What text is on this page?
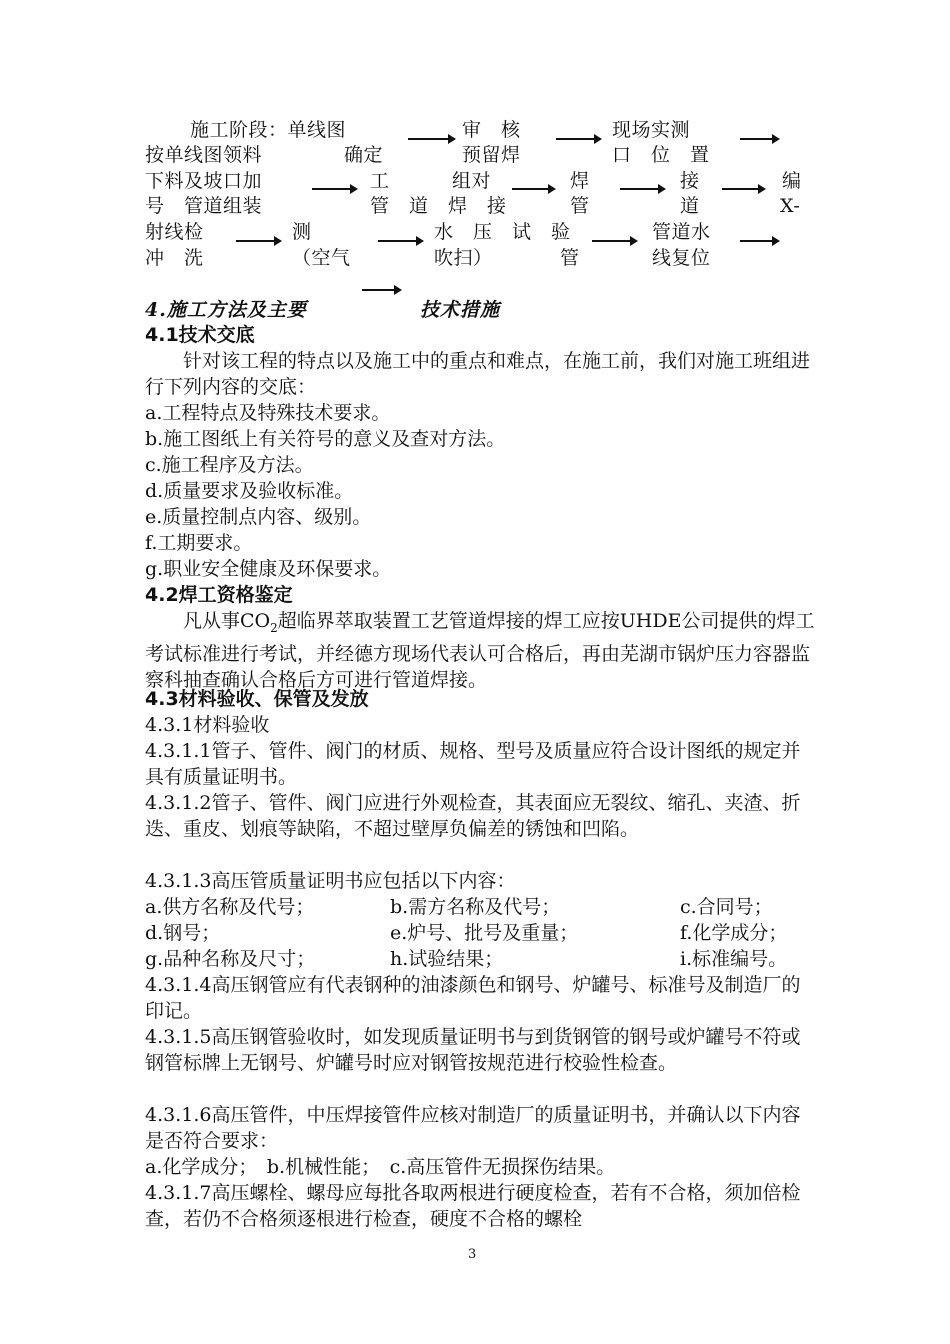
施工阶段：单线图	审　核	现场实测
按单线图领料	确定	预留焊	口　位　置
下料及坡口加	工	组对	焊	接	编
号　管道组装	管　道　焊　接	管	道	X-
射线检	测	水　压　试　验	管道水
冲　洗	（空气	吹扫）	管	线复位
4.施工方法及主要	技术措施
4.1技术交底
针对该工程的特点以及施工中的重点和难点，在施工前，我们对施工班组进行下列内容的交底：
a.工程特点及特殊技术要求。
b.施工图纸上有关符号的意义及查对方法。
c.施工程序及方法。
d.质量要求及验收标准。
e.质量控制点内容、级别。
f.工期要求。
g.职业安全健康及环保要求。
4.2焊工资格鉴定
凡从事$CO_2$超临界萃取装置工艺管道焊接的焊工应按UHDE公司提供的焊工考试标准进行考试，并经德方现场代表认可合格后，再由芜湖市锅炉压力容器监察科抽查确认合格后方可进行管道焊接。
4.3材料验收、保管及发放
4.3.1材料验收
4.3.1.1管子、管件、阀门的材质、规格、型号及质量应符合设计图纸的规定并具有质量证明书。
4.3.1.2管子、管件、阀门应进行外观检查，其表面应无裂纹、缩孔、夹渣、折迭、重皮、划痕等缺陷，不超过壁厚负偏差的锈蚀和凹陷。
4.3.1.3高压管质量证明书应包括以下内容：
a.供方名称及代号；	b.需方名称及代号；	c.合同号；
d.钢号；	e.炉号、批号及重量；	f.化学成分；
g.品种名称及尺寸；	h.试验结果；	i.标准编号。
4.3.1.4高压钢管应有代表钢种的油漆颜色和钢号、炉罐号、标准号及制造厂的印记。
4.3.1.5高压钢管验收时，如发现质量证明书与到货钢管的钢号或炉罐号不符或钢管标牌上无钢号、炉罐号时应对钢管按规范进行校验性检查。
4.3.1.6高压管件，中压焊接管件应核对制造厂的质量证明书，并确认以下内容是否符合要求：
a.化学成分；　b.机械性能；　c.高压管件无损探伤结果。
4.3.1.7高压螺栓、螺母应每批各取两根进行硬度检查，若有不合格，须加倍检查，若仍不合格须逐根进行检查，硬度不合格的螺栓
3
